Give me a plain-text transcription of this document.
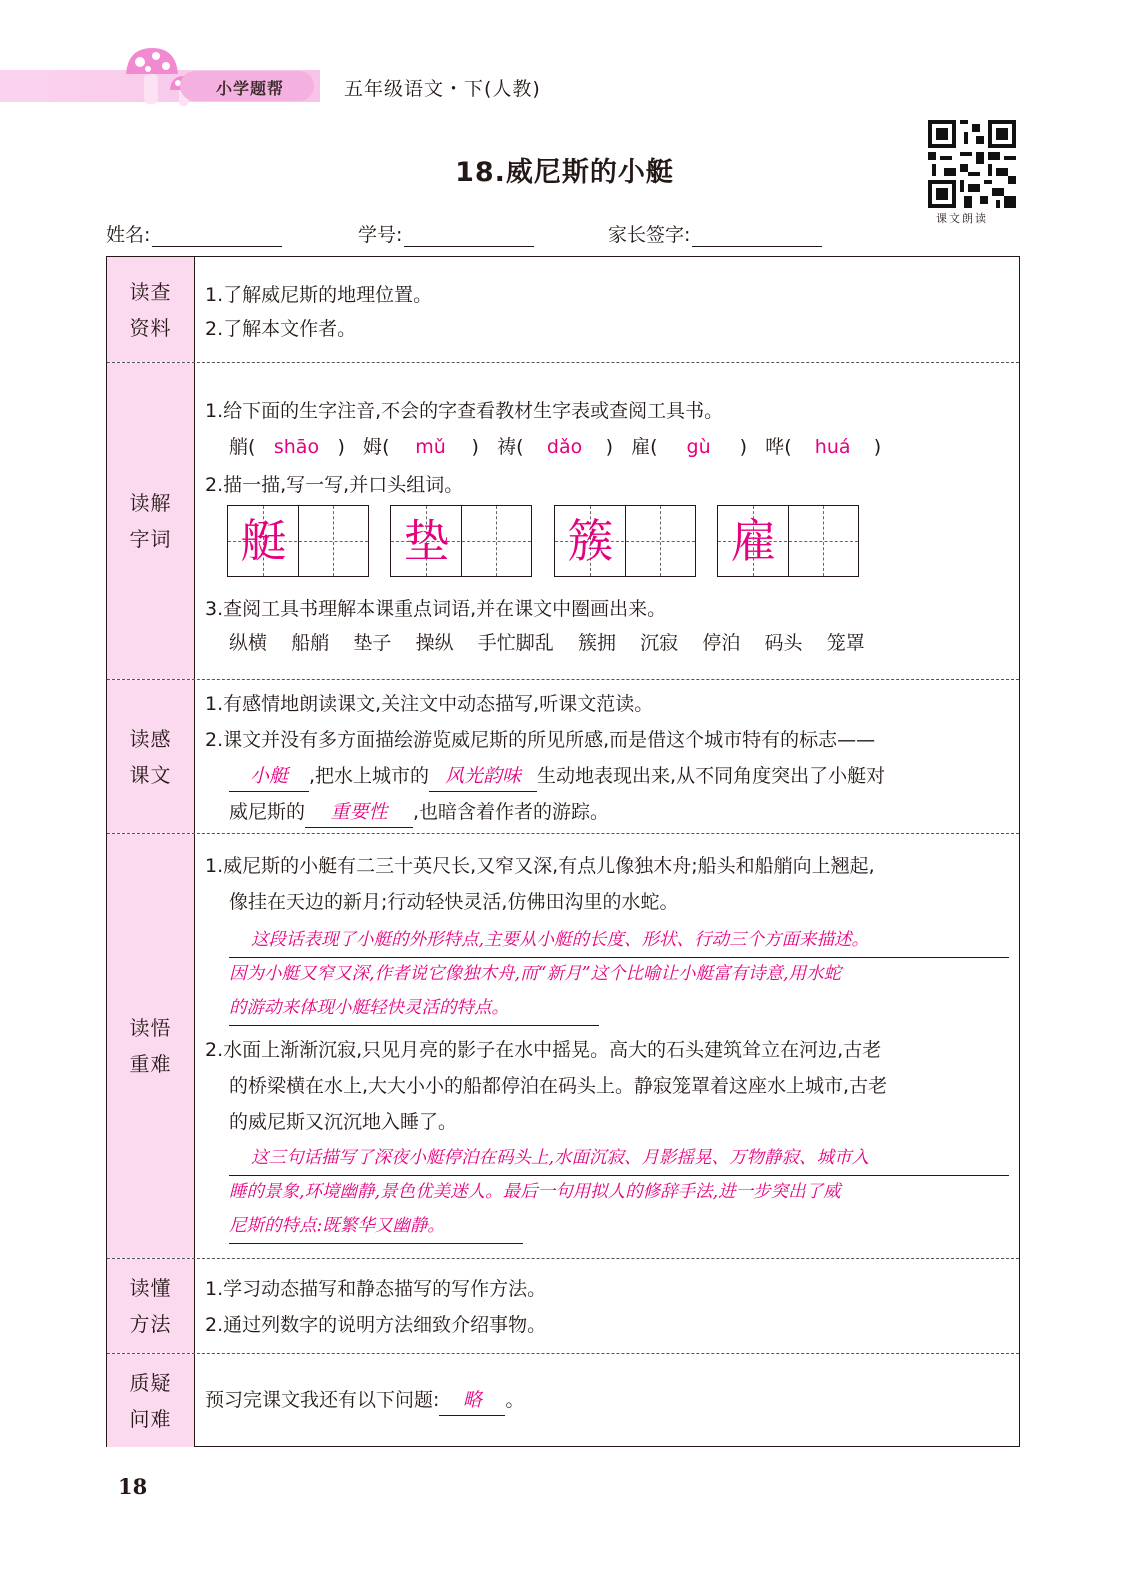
小学题帮	五年级语文・下(人教)
18.威尼斯的小艇
课文朗读
姓名:	学号:	家长签字:
读查
资料
1.了解威尼斯的地理位置。
2.了解本文作者。
读解
字词
1.给下面的生字注音,不会的字查看教材生字表或查阅工具书。
艄( shāo )   姆( mǔ )   祷( dǎo )   雇( gù )   哗( huá )
2.描一描,写一写,并口头组词。
艇	垫	簇	雇
3.查阅工具书理解本课重点词语,并在课文中圈画出来。
纵横 船艄 垫子 操纵 手忙脚乱 簇拥 沉寂 停泊 码头 笼罩
读感
课文
1.有感情地朗读课文,关注文中动态描写,听课文范读。
2.课文并没有多方面描绘游览威尼斯的所见所感,而是借这个城市特有的标志——
小艇 ,把水上城市的 风光韵味 生动地表现出来,从不同角度突出了小艇对
威尼斯的 重要性 ,也暗含着作者的游踪。
读悟
重难
1.威尼斯的小艇有二三十英尺长,又窄又深,有点儿像独木舟;船头和船艄向上翘起,
像挂在天边的新月;行动轻快灵活,仿佛田沟里的水蛇。
这段话表现了小艇的外形特点,主要从小艇的长度、形状、行动三个方面来描述。
因为小艇又窄又深,作者说它像独木舟,而“新月”这个比喻让小艇富有诗意,用水蛇
的游动来体现小艇轻快灵活的特点。
2.水面上渐渐沉寂,只见月亮的影子在水中摇晃。高大的石头建筑耸立在河边,古老
的桥梁横在水上,大大小小的船都停泊在码头上。静寂笼罩着这座水上城市,古老
的威尼斯又沉沉地入睡了。
这三句话描写了深夜小艇停泊在码头上,水面沉寂、月影摇晃、万物静寂、城市入
睡的景象,环境幽静,景色优美迷人。最后一句用拟人的修辞手法,进一步突出了威
尼斯的特点:既繁华又幽静。
读懂
方法
1.学习动态描写和静态描写的写作方法。
2.通过列数字的说明方法细致介绍事物。
质疑
问难
预习完课文我还有以下问题: 略 。
18
